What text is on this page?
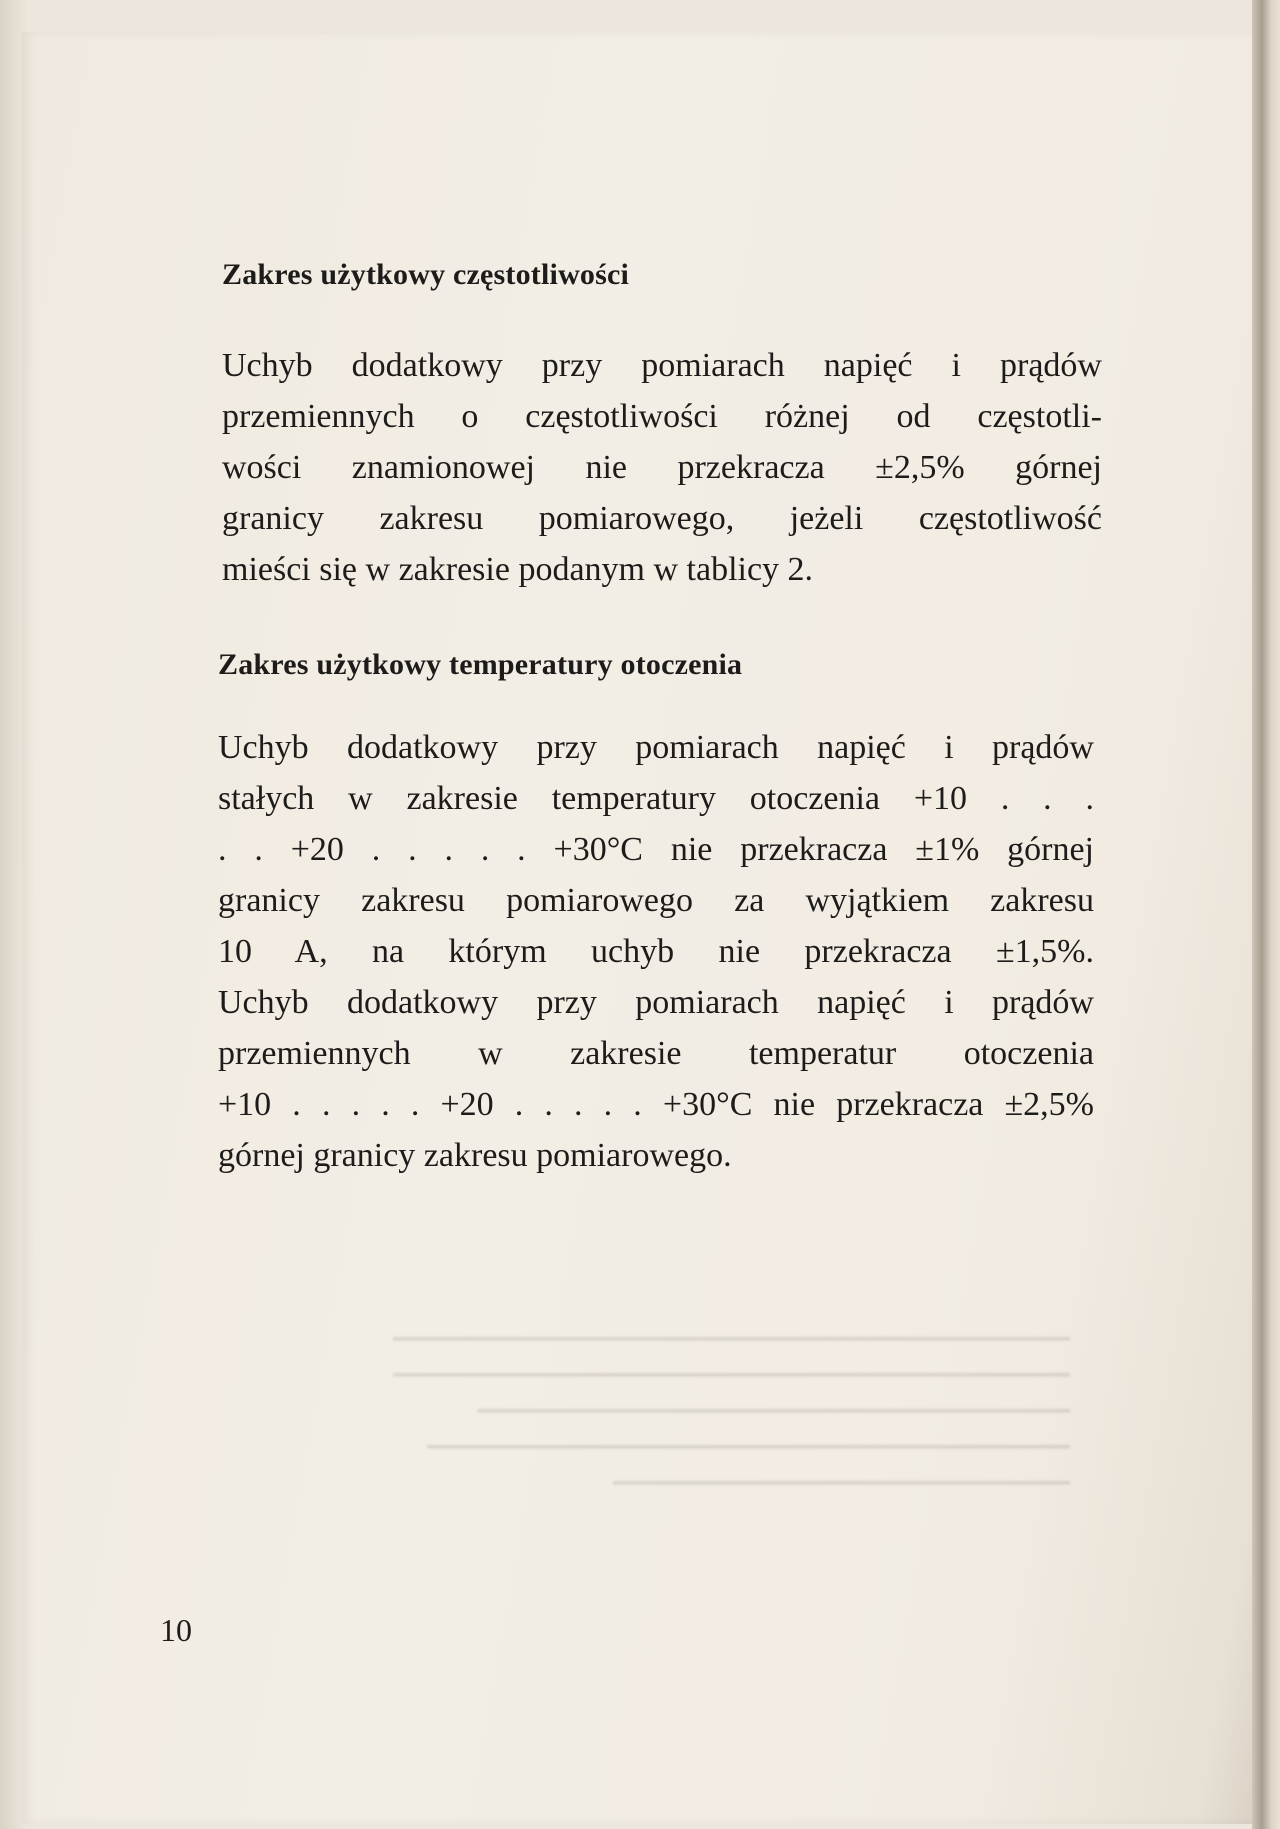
▁▁▁▁▁▁▁▁▁▁▁▁▁▁▁▁▁▁▁▁▁▁▁▁▁▁▁▁▁▁▁▁▁▁▁▁▁▁▁▁
▁▁▁▁▁▁▁▁▁▁▁▁▁▁▁▁▁▁▁▁▁▁▁▁▁▁▁▁▁▁▁▁▁▁▁▁▁▁▁▁
▁▁▁▁▁▁▁▁▁▁▁▁▁▁▁▁▁▁▁▁▁▁▁▁▁▁▁▁▁▁▁▁▁▁▁
▁▁▁▁▁▁▁▁▁▁▁▁▁▁▁▁▁▁▁▁▁▁▁▁▁▁▁▁▁▁▁▁▁▁▁▁▁▁
▁▁▁▁▁▁▁▁▁▁▁▁▁▁▁▁▁▁▁▁▁▁▁▁▁▁▁
Zakres użytkowy częstotliwości
Uchyb dodatkowy przy pomiarach napięć i prądów
przemiennych o częstotliwości różnej od częstotli-
wości znamionowej nie przekracza ±2,5% górnej
granicy zakresu pomiarowego, jeżeli częstotliwość
mieści się w zakresie podanym w tablicy 2.
Zakres użytkowy temperatury otoczenia
Uchyb dodatkowy przy pomiarach napięć i prądów
stałych w zakresie temperatury otoczenia +10 . . .
. . +20 . . . . . +30°C nie przekracza ±1% górnej
granicy zakresu pomiarowego za wyjątkiem zakresu
10 A, na którym uchyb nie przekracza ±1,5%.
Uchyb dodatkowy przy pomiarach napięć i prądów
przemiennych w zakresie temperatur otoczenia
+10 . . . . . +20 . . . . . +30°C nie przekracza ±2,5%
górnej granicy zakresu pomiarowego.
10
